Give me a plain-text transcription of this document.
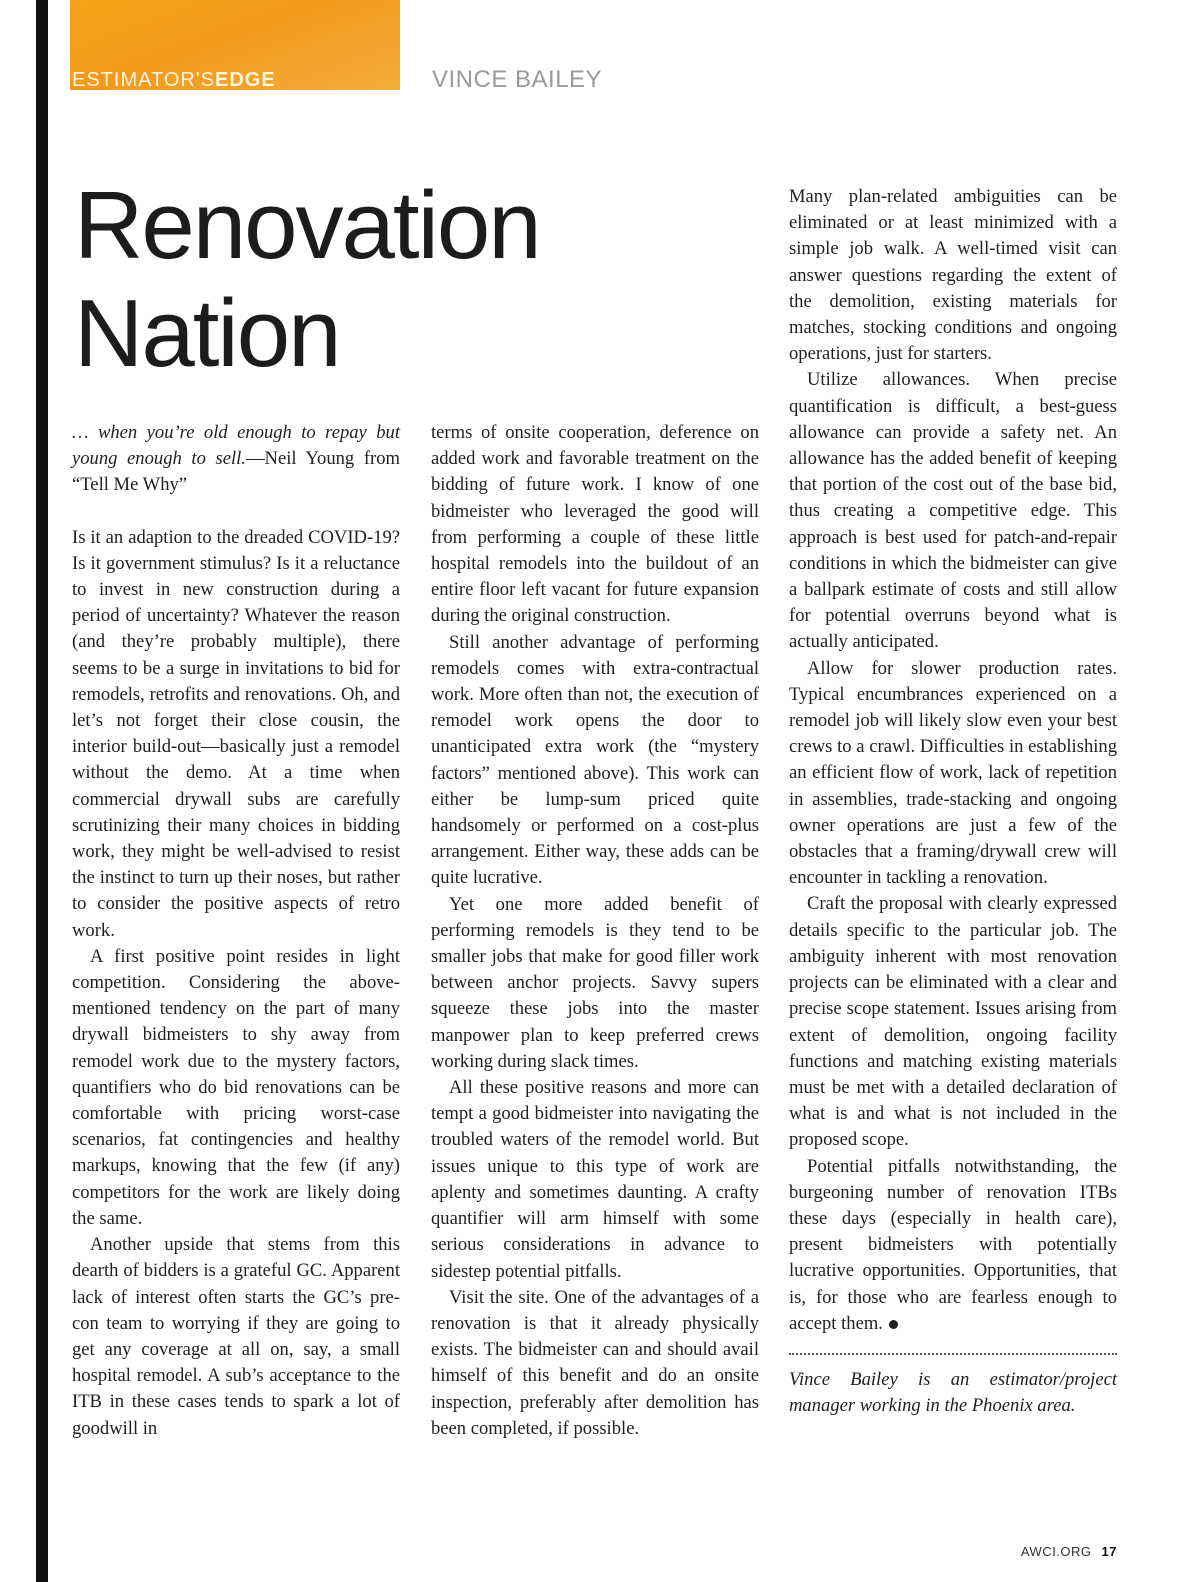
ESTIMATOR'SEDGE	VINCE BAILEY
Renovation
Nation

… when you’re old enough to repay but young enough to sell.—Neil Young from “Tell Me Why”

Is it an adaption to the dreaded COVID-19? Is it government stimulus? Is it a reluctance to invest in new construction during a period of uncertainty? Whatever the reason (and they’re probably multiple), there seems to be a surge in invitations to bid for remodels, retrofits and renovations. Oh, and let’s not forget their close cousin, the interior build-out—basically just a remodel without the demo. At a time when commercial drywall subs are carefully scrutinizing their many choices in bidding work, they might be well-advised to resist the instinct to turn up their noses, but rather to consider the positive aspects of retro work.

A first positive point resides in light competition. Considering the above-mentioned tendency on the part of many drywall bidmeisters to shy away from remodel work due to the mystery factors, quantifiers who do bid renovations can be comfortable with pricing worst-case scenarios, fat contingencies and healthy markups, knowing that the few (if any) competitors for the work are likely doing the same.

Another upside that stems from this dearth of bidders is a grateful GC. Apparent lack of interest often starts the GC’s pre-con team to worrying if they are going to get any coverage at all on, say, a small hospital remodel. A sub’s acceptance to the ITB in these cases tends to spark a lot of goodwill in

terms of onsite cooperation, deference on added work and favorable treatment on the bidding of future work. I know of one bidmeister who leveraged the good will from performing a couple of these little hospital remodels into the buildout of an entire floor left vacant for future expansion during the original construction.

Still another advantage of performing remodels comes with extra-contractual work. More often than not, the execution of remodel work opens the door to unanticipated extra work (the “mystery factors” mentioned above). This work can either be lump-sum priced quite handsomely or performed on a cost-plus arrangement. Either way, these adds can be quite lucrative.

Yet one more added benefit of performing remodels is they tend to be smaller jobs that make for good filler work between anchor projects. Savvy supers squeeze these jobs into the master manpower plan to keep preferred crews working during slack times.

All these positive reasons and more can tempt a good bidmeister into navigating the troubled waters of the remodel world. But issues unique to this type of work are aplenty and sometimes daunting. A crafty quantifier will arm himself with some serious considerations in advance to sidestep potential pitfalls.

Visit the site. One of the advantages of a renovation is that it already physically exists. The bidmeister can and should avail himself of this benefit and do an onsite inspection, preferably after demolition has been completed, if possible.

Many plan-related ambiguities can be eliminated or at least minimized with a simple job walk. A well-timed visit can answer questions regarding the extent of the demolition, existing materials for matches, stocking conditions and ongoing operations, just for starters.

Utilize allowances. When precise quantification is difficult, a best-guess allowance can provide a safety net. An allowance has the added benefit of keeping that portion of the cost out of the base bid, thus creating a competitive edge. This approach is best used for patch-and-repair conditions in which the bidmeister can give a ballpark estimate of costs and still allow for potential overruns beyond what is actually anticipated.

Allow for slower production rates. Typical encumbrances experienced on a remodel job will likely slow even your best crews to a crawl. Difficulties in establishing an efficient flow of work, lack of repetition in assemblies, trade-stacking and ongoing owner operations are just a few of the obstacles that a framing/drywall crew will encounter in tackling a renovation.

Craft the proposal with clearly expressed details specific to the particular job. The ambiguity inherent with most renovation projects can be eliminated with a clear and precise scope statement. Issues arising from extent of demolition, ongoing facility functions and matching existing materials must be met with a detailed declaration of what is and what is not included in the proposed scope.

Potential pitfalls notwithstanding, the burgeoning number of renovation ITBs these days (especially in health care), present bidmeisters with potentially lucrative opportunities. Opportunities, that is, for those who are fearless enough to accept them.

Vince Bailey is an estimator/project manager working in the Phoenix area.

AWCI.ORG 17
